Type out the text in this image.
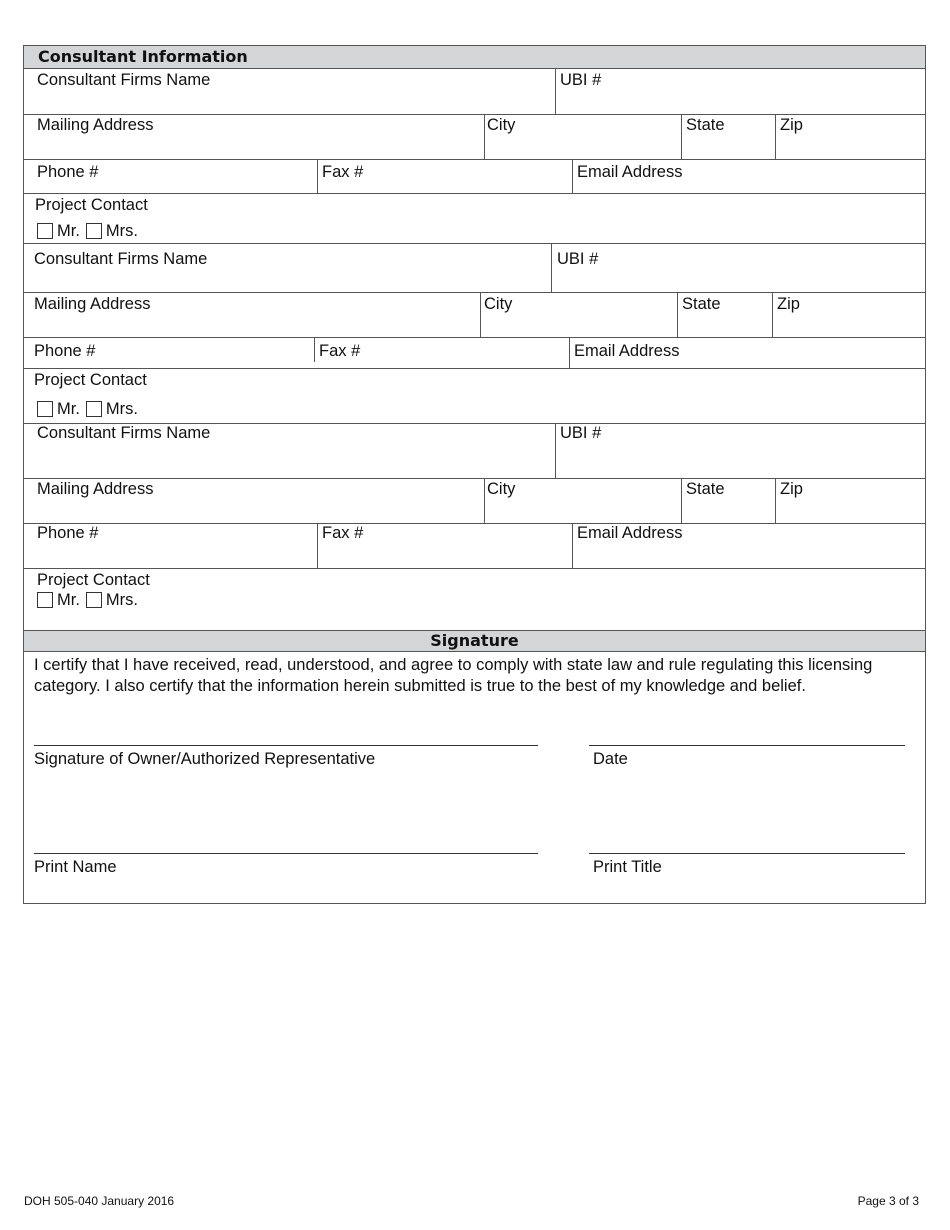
Consultant Information
Consultant Firms Name	UBI #
Mailing Address	City	State	Zip
Phone #	Fax #	Email Address
Project Contact
Mr. Mrs.
Consultant Firms Name	UBI #
Mailing Address	City	State	Zip
Phone #	Fax #	Email Address
Project Contact
Mr. Mrs.
Consultant Firms Name	UBI #
Mailing Address	City	State	Zip
Phone #	Fax #	Email Address
Project Contact
Mr. Mrs.
Signature
I certify that I have received, read, understood, and agree to comply with state law and rule regulating this licensing category. I also certify that the information herein submitted is true to the best of my knowledge and belief.
Signature of Owner/Authorized Representative	Date
Print Name	Print Title
DOH 505-040 January 2016	Page 3 of 3
